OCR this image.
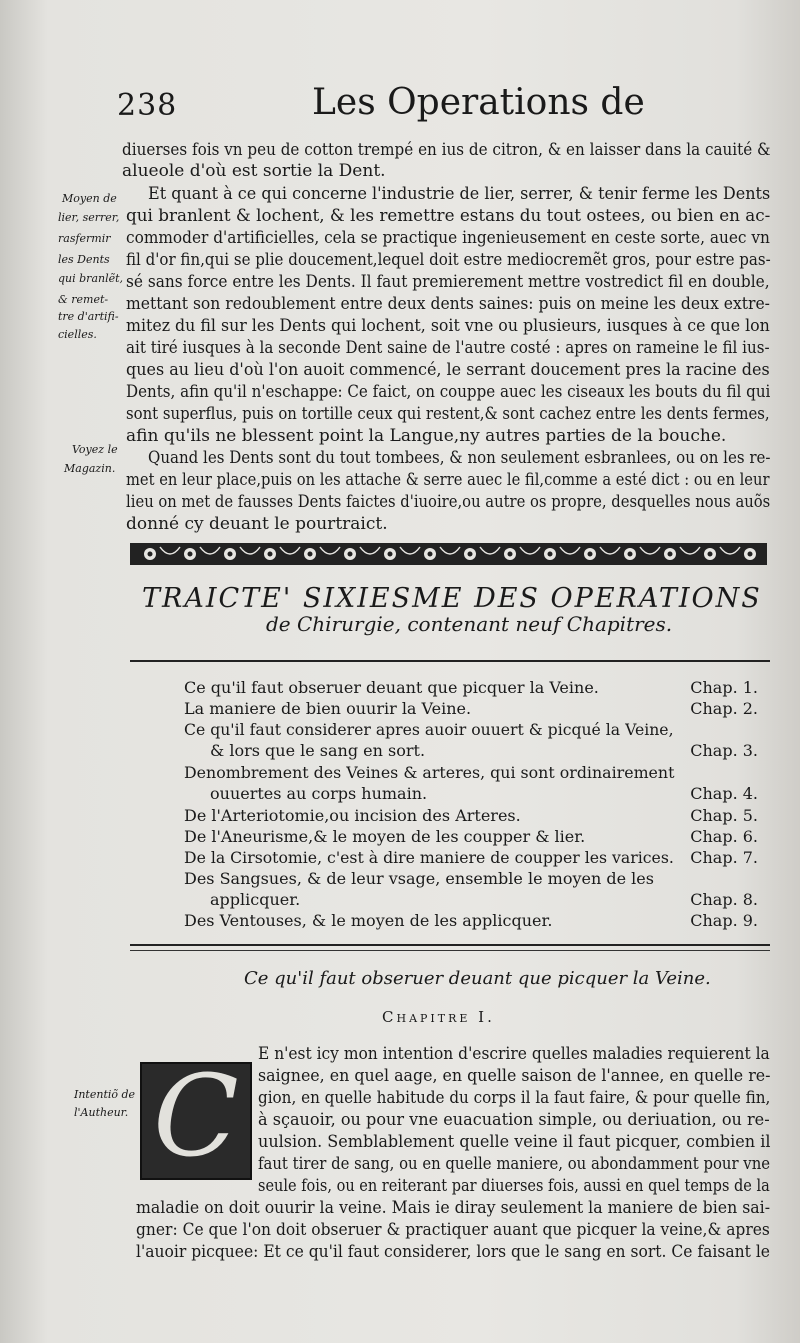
238	Les Operations de
diuerses fois vn peu de cotton trempé en ius de citron, & en laisser dans la cauité &
alueole d'où est sortie la Dent.
Et quant à ce qui concerne l'industrie de lier, serrer, & tenir ferme les Dents
qui branlent & lochent, & les remettre estans du tout ostees, ou bien en ac-
commoder d'artificielles, cela se practique ingenieusement en ceste sorte, auec vn
fil d'or fin,qui se plie doucement,lequel doit estre mediocremẽt gros, pour estre pas-
sé sans force entre les Dents. Il faut premierement mettre vostredict fil en double,
mettant son redoublement entre deux dents saines: puis on meine les deux extre-
mitez du fil sur les Dents qui lochent, soit vne ou plusieurs, iusques à ce que lon
ait tiré iusques à la seconde Dent saine de l'autre costé : apres on rameine le fil ius-
ques au lieu d'où l'on auoit commencé, le serrant doucement pres la racine des
Dents, afin qu'il n'eschappe: Ce faict, on couppe auec les ciseaux les bouts du fil qui
sont superflus, puis on tortille ceux qui restent,& sont cachez entre les dents fermes,
afin qu'ils ne blessent point la Langue,ny autres parties de la bouche.
Quand les Dents sont du tout tombees, & non seulement esbranlees, ou on les re-
met en leur place,puis on les attache & serre auec le fil,comme a esté dict : ou en leur
lieu on met de fausses Dents faictes d'iuoire,ou autre os propre, desquelles nous auõs
donné cy deuant le pourtraict.
Moyen de
lier, serrer,
rasfermir
les Dents
qui branlẽt,
& remet-
tre d'artifi-
cielles.
Voyez le
Magazin.
TRAICTE' SIXIESME DES OPERATIONS
de Chirurgie, contenant neuf Chapitres.
Ce qu'il faut obseruer deuant que picquer la Veine.	Chap. 1.
La maniere de bien ouurir la Veine.	Chap. 2.
Ce qu'il faut considerer apres auoir ouuert & picqué la Veine,
& lors que le sang en sort.	Chap. 3.
Denombrement des Veines & arteres, qui sont ordinairement
ouuertes au corps humain.	Chap. 4.
De l'Arteriotomie,ou incision des Arteres.	Chap. 5.
De l'Aneurisme,& le moyen de les coupper & lier.	Chap. 6.
De la Cirsotomie, c'est à dire maniere de coupper les varices. Chap. 7.
Des Sangsues, & de leur vsage, ensemble le moyen de les
applicquer.	Chap. 8.
Des Ventouses, & le moyen de les applicquer.	Chap. 9.
Ce qu'il faut obseruer deuant que picquer la Veine.
Chapitre I.
C
Intentiõ de
l'Autheur.
E n'est icy mon intention d'escrire quelles maladies requierent la
saignee, en quel aage, en quelle saison de l'annee, en quelle re-
gion, en quelle habitude du corps il la faut faire, & pour quelle fin,
à sçauoir, ou pour vne euacuation simple, ou deriuation, ou re-
uulsion. Semblablement quelle veine il faut picquer, combien il
faut tirer de sang, ou en quelle maniere, ou abondamment pour vne
seule fois, ou en reiterant par diuerses fois, aussi en quel temps de la
maladie on doit ouurir la veine. Mais ie diray seulement la maniere de bien sai-
gner: Ce que l'on doit obseruer & practiquer auant que picquer la veine,& apres
l'auoir picquee: Et ce qu'il faut considerer, lors que le sang en sort. Ce faisant le
